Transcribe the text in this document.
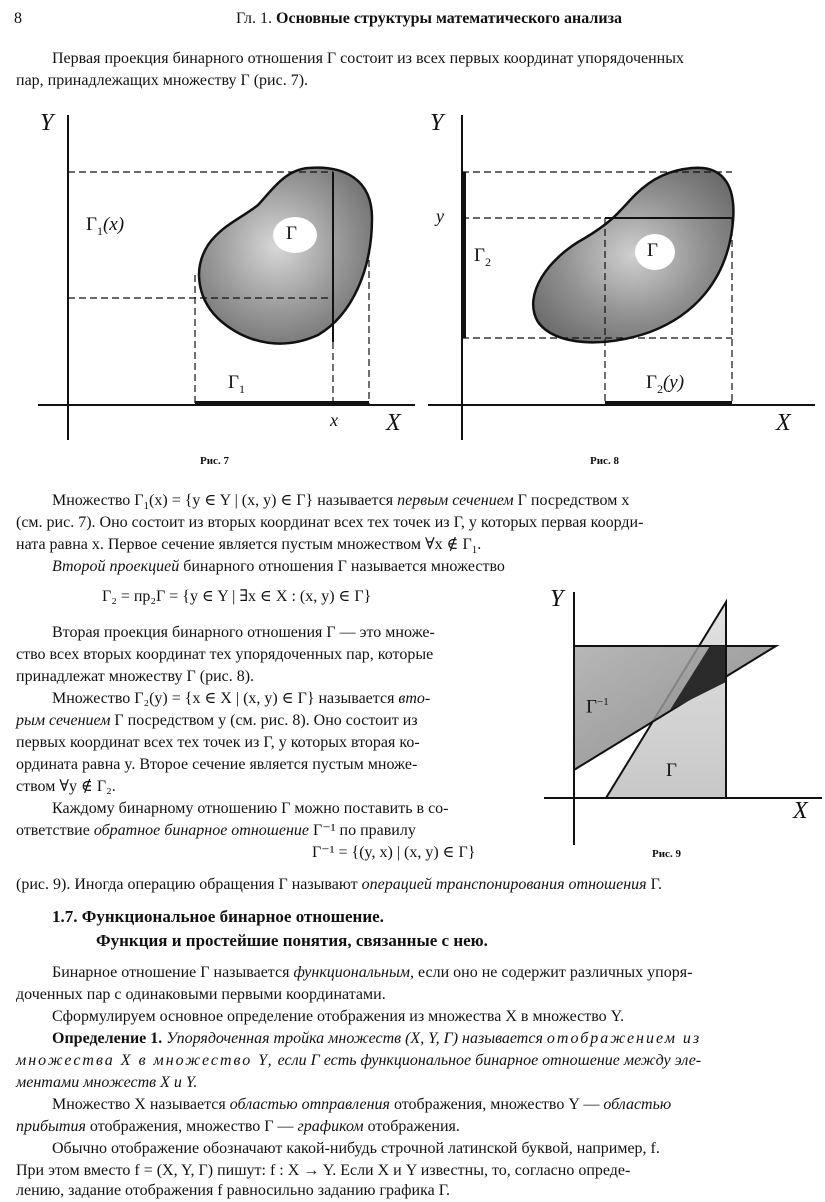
8	Гл. 1. Основные структуры математического анализа
Первая проекция бинарного отношения Γ состоит из всех первых координат упорядоченных
пар, принадлежащих множеству Γ (рис. 7).
Y
X
x
Γ
$\Gamma_1(x)$
$\Gamma_1$
Рис. 7
Y
X
y
Γ
$\Gamma_2$
$\Gamma_2(y)$
Рис. 8
Множество $\Gamma_1(x) = \{y$ ∈ Y | (x, y) ∈ Γ} называется первым сечением Γ посредством x
(см. рис. 7). Оно состоит из вторых координат всех тех точек из Γ, у которых первая коорди-
ната равна x. Первое сечение является пустым множеством ∀x ∉ $\Gamma_1$.
Второй проекцией бинарного отношения Γ называется множество
Γ₂ = пр₂Γ = {y ∈ Y | ∃x ∈ X : (x, y) ∈ Γ}
Вторая проекция бинарного отношения Γ — это множе-
ство всех вторых координат тех упорядоченных пар, которые
принадлежат множеству Γ (рис. 8).
Множество Γ₂(y) = {x ∈ X | (x, y) ∈ Γ} называется вто-
рым сечением Γ посредством y (см. рис. 8). Оно состоит из
первых координат всех тех точек из Γ, у которых вторая ко-
ордината равна y. Второе сечение является пустым множе-
ством ∀y ∉ Γ₂.
Каждому бинарному отношению Γ можно поставить в со-
ответствие обратное бинарное отношение Γ⁻¹ по правилу
Γ⁻¹ = {(y, x) | (x, y) ∈ Γ}
(рис. 9). Иногда операцию обращения Γ называют операцией транспонирования отношения Γ.
Y
X
$\Gamma^{-1}$
Γ
Рис. 9
1.7. Функциональное бинарное отношение.
Функция и простейшие понятия, связанные с нею.
Бинарное отношение Γ называется функциональным, если оно не содержит различных упоря-
доченных пар с одинаковыми первыми координатами.
Сформулируем основное определение отображения из множества X в множество Y.
Определение 1. Упорядоченная тройка множеств (X, Y, Γ) называется отображением из
множества X в множество Y, если Γ есть функциональное бинарное отношение между эле-
ментами множеств X и Y.
Множество X называется областью отправления отображения, множество Y — областью
прибытия отображения, множество Γ — графиком отображения.
Обычно отображение обозначают какой-нибудь строчной латинской буквой, например, f.
При этом вместо f = (X, Y, Γ) пишут: f : X → Y. Если X и Y известны, то, согласно опреде-
лению, задание отображения f равносильно заданию графика Γ.
